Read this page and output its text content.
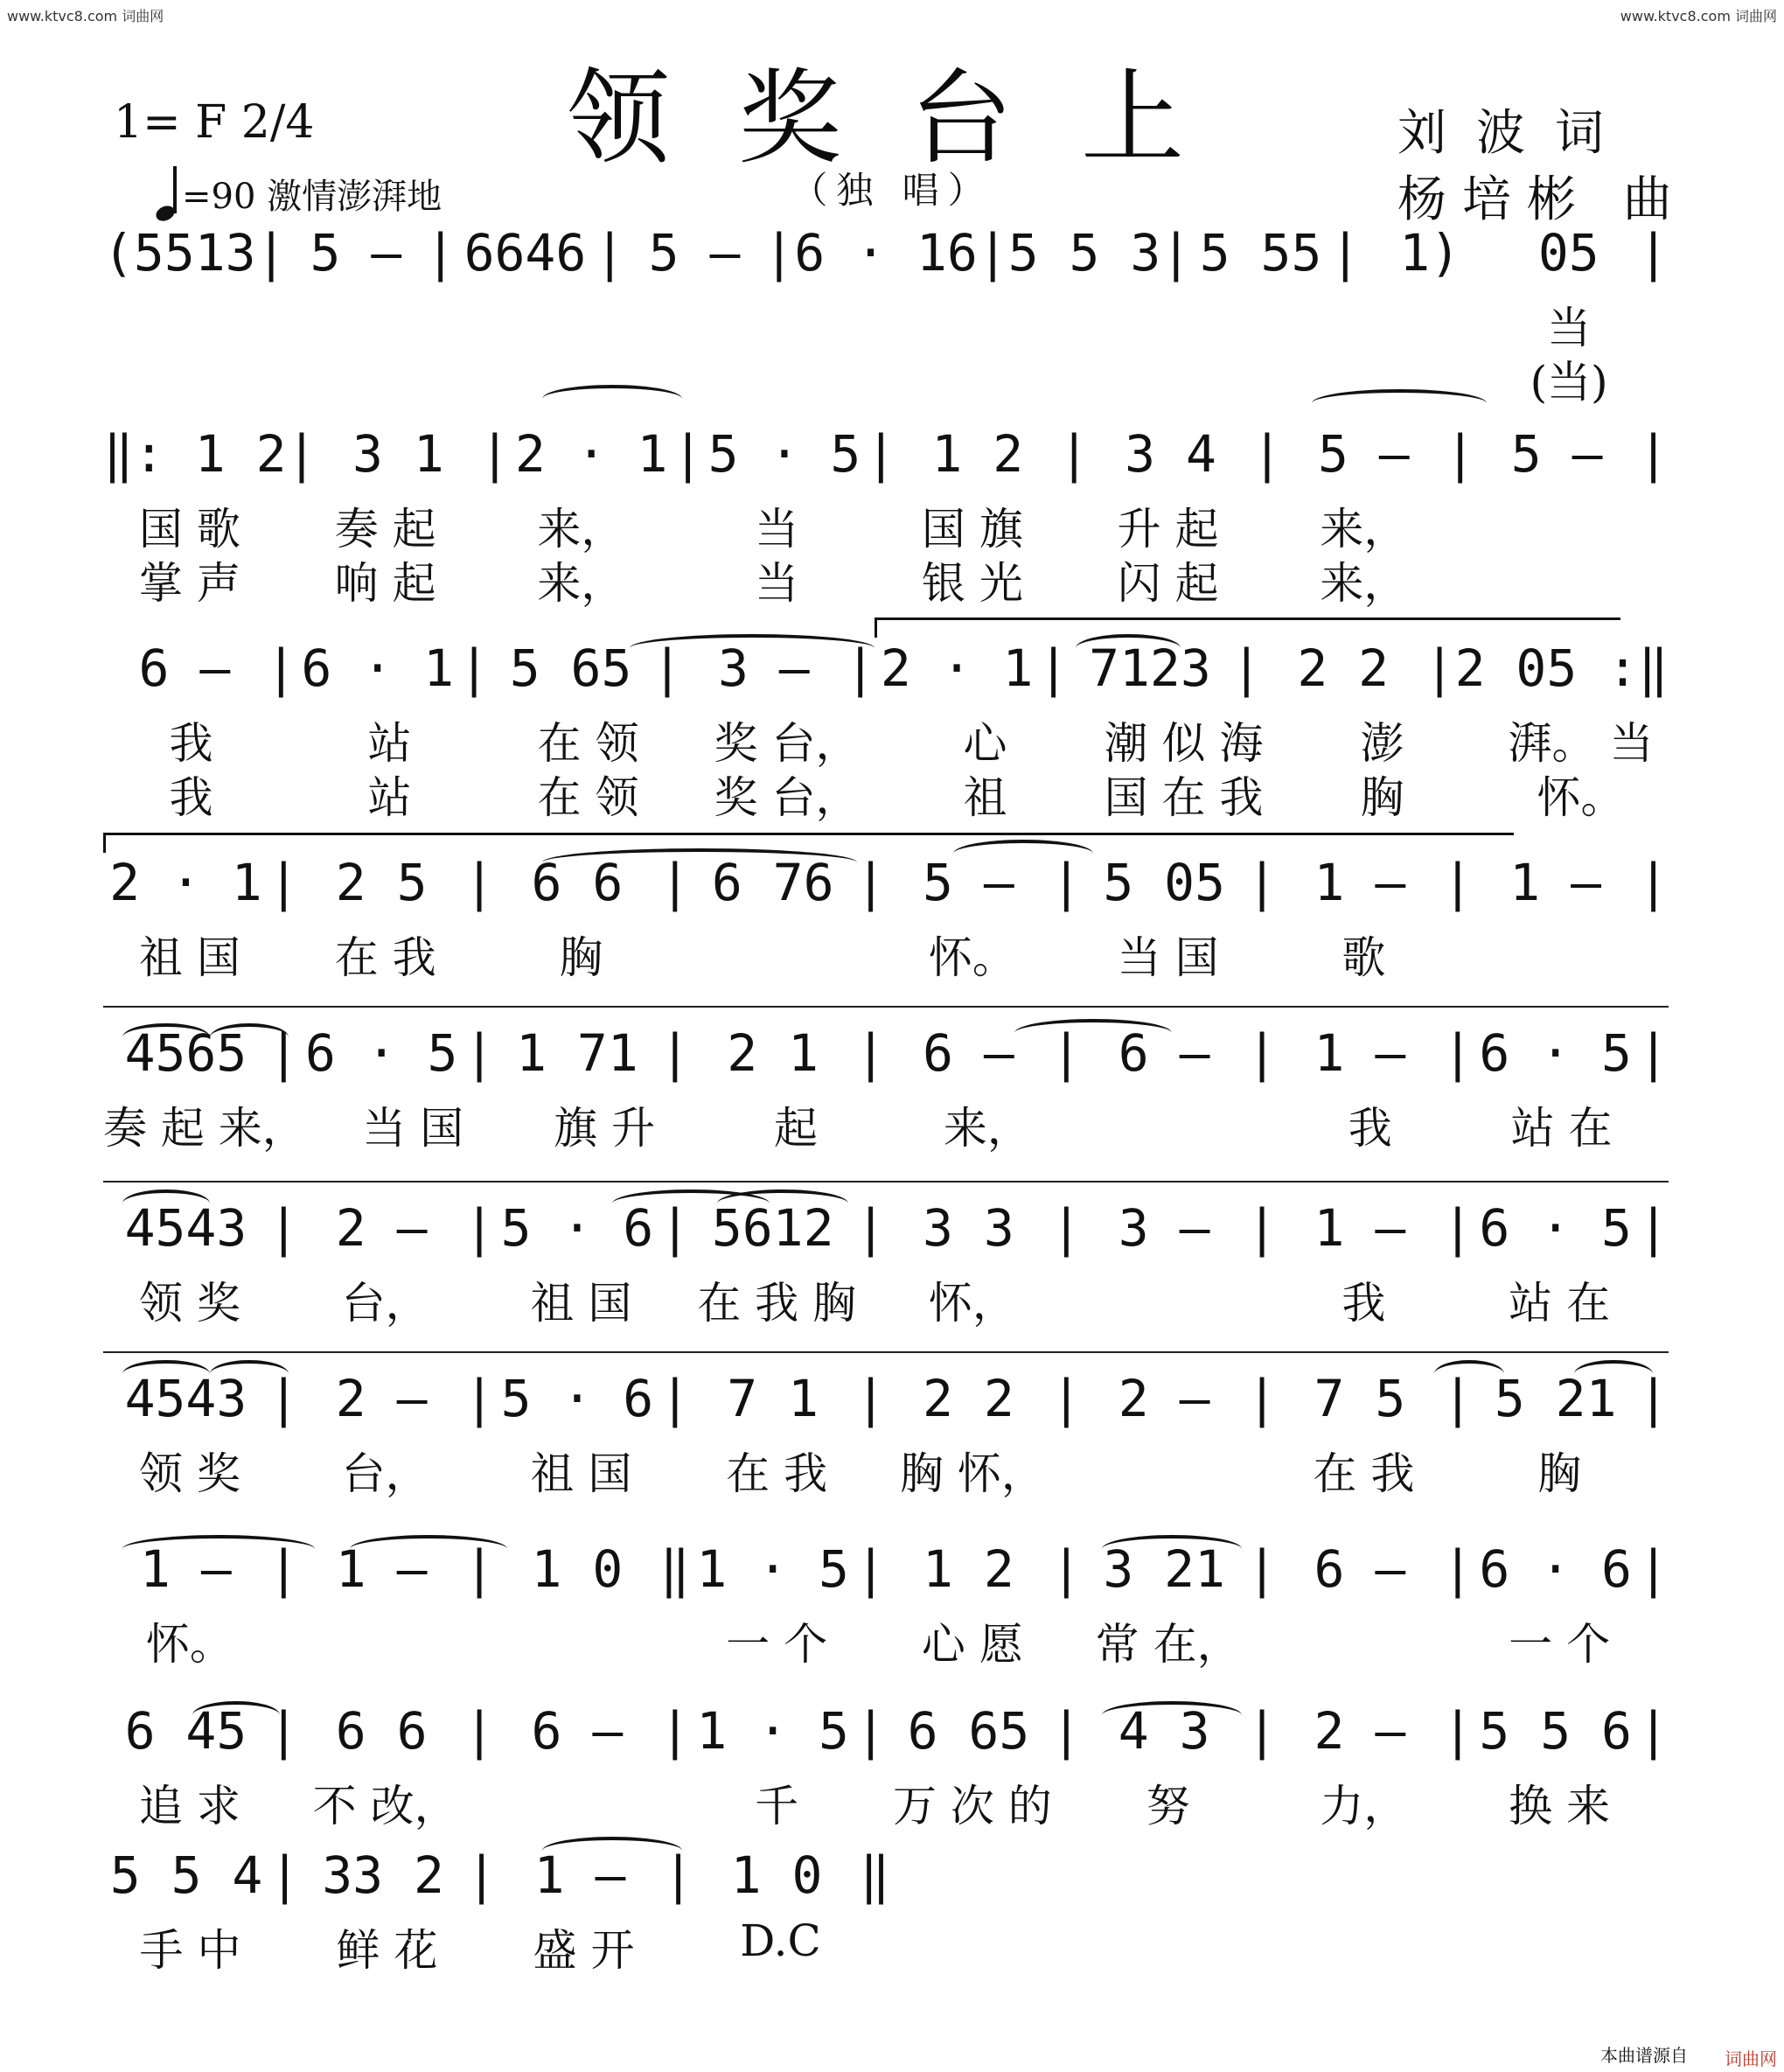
www.ktvc8.com 词曲网	www.ktvc8.com 词曲网
领奖台上
1= F 2/4
=90 激情澎湃地	（独 唱）
刘波词
杨培彬 曲
(5513 | 5 — | 6646 | 5 — | 6 · 16 | 5 5 3 | 5 55 | 1)	05 |
当
(当)
‖: 1 2 | 3 1 | 2 · 1 | 5 · 5 | 1 2 | 3 4 | 5 — | 5 — |
国 歌	奏 起	来，	当	国 旗	升 起	来，
掌 声	响 起	来，	当	银 光	闪 起	来，
6 — | 6 · 1 | 5 65 | 3 — | 2 · 1 | 7123 | 2 2 | 2 05 :‖
我	站	在 领	奖 台，	心	潮 似 海	澎	湃。 当
我	站	在 领	奖 台，	祖	国 在 我	胸	怀。
2 · 1 | 2 5 | 6 6 | 6 76 | 5 — | 5 05 | 1 — | 1 — |
祖 国	在 我	胸	怀。	当 国	歌
4565 | 6 · 5 | 1 71 | 2 1 | 6 — | 6 — | 1 — | 6 · 5 |
奏 起 来，	当 国	旗 升	起	来，	我	站 在
4543 | 2 — | 5 · 6 | 5612 | 3 3 | 3 — | 1 — | 6 · 5 |
领 奖	台，	祖 国	在 我 胸	怀，	我	站 在
4543 | 2 — | 5 · 6 | 7 1 | 2 2 | 2 — | 7 5 | 5 21 |
领 奖	台，	祖 国	在 我	胸 怀，	在 我	胸
1 — | 1 — | 1 0 ‖ 1 · 5 | 1 2 | 3 21 | 6 — | 6 · 6 |
怀。	一 个	心 愿	常 在，	一 个
6 45 | 6 6 | 6 — | 1 · 5 | 6 65 | 4 3 | 2 — | 5 5 6 |
追 求	不 改，	千	万 次 的	努	力，	换 来
5 5 4 | 33 2 | 1 — | 1 0 ‖
手 中	鲜 花	盛 开	D.C
本曲谱源自 词曲网
